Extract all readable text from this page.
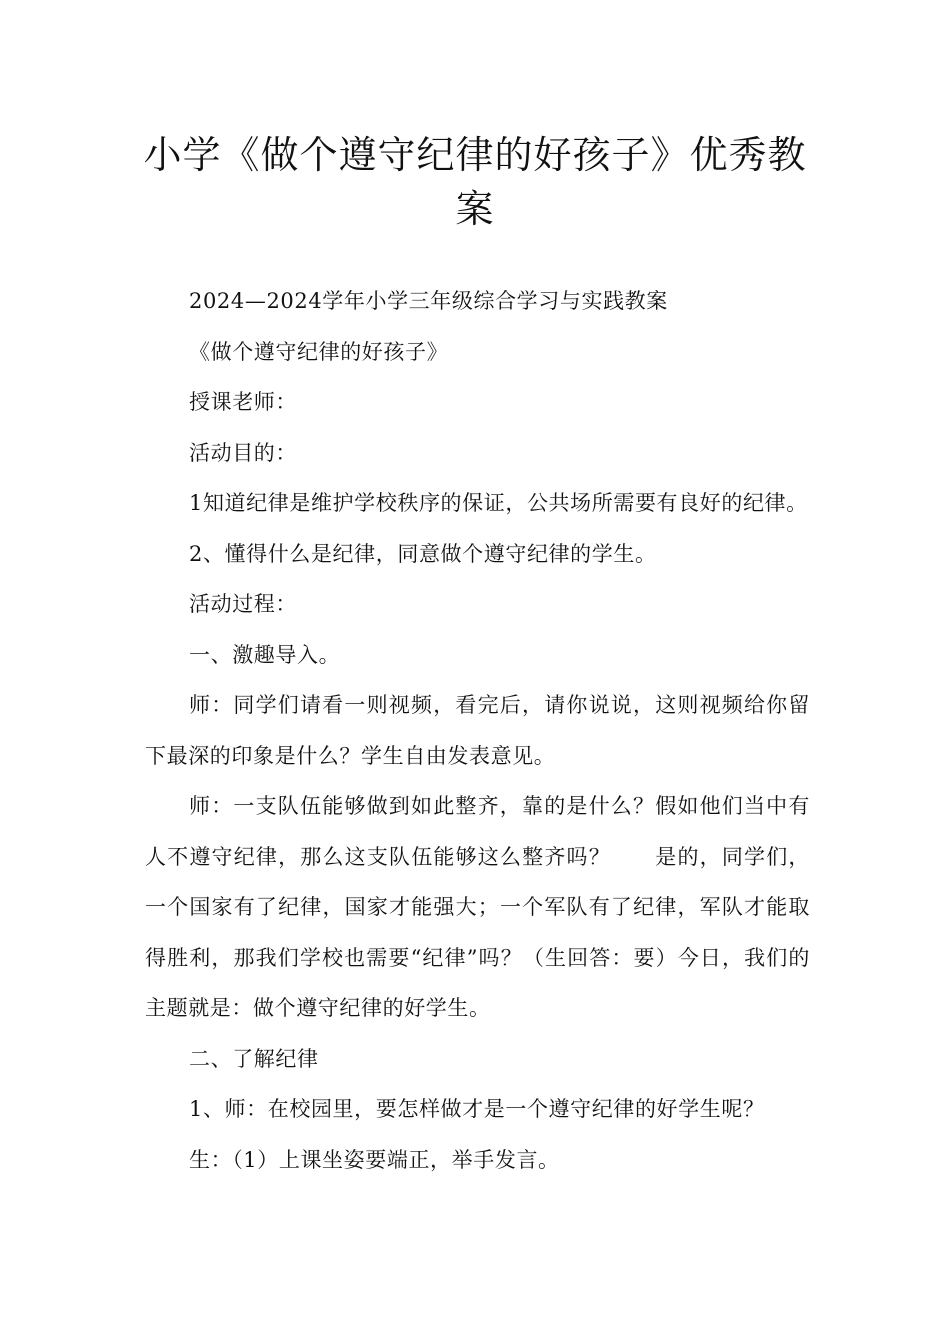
小学《做个遵守纪律的好孩子》优秀教案

2024—2024学年小学三年级综合学习与实践教案

《做个遵守纪律的好孩子》

授课老师：

活动目的：

1知道纪律是维护学校秩序的保证，公共场所需要有良好的纪律。

2、懂得什么是纪律，同意做个遵守纪律的学生。

活动过程：

一、激趣导入。

师：同学们请看一则视频，看完后，请你说说，这则视频给你留下最深的印象是什么？学生自由发表意见。

师：一支队伍能够做到如此整齐，靠的是什么？假如他们当中有人不遵守纪律，那么这支队伍能够这么整齐吗？　　是的，同学们，一个国家有了纪律，国家才能强大；一个军队有了纪律，军队才能取得胜利，那我们学校也需要“纪律”吗？（生回答：要）今日，我们的主题就是：做个遵守纪律的好学生。

二、了解纪律

1、师：在校园里，要怎样做才是一个遵守纪律的好学生呢？

生：（1）上课坐姿要端正，举手发言。
